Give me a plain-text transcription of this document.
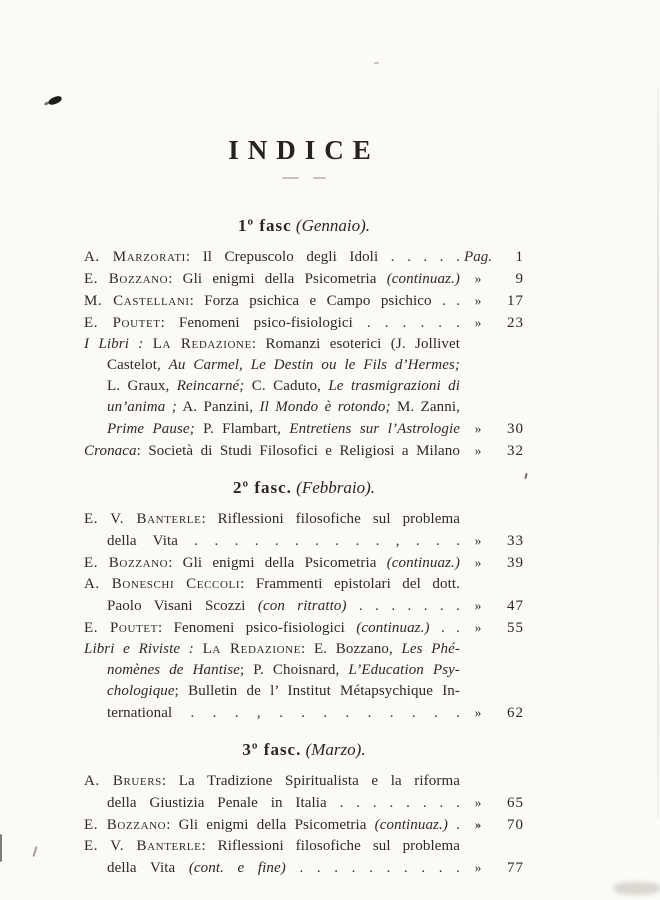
INDICE
1º fasc (Gennaio).
A. Marzorati: Il Crepuscolo degli Idoli . . . . . Pag.	1
E. Bozzano: Gli enigmi della Psicometria (continuaz.)	»	9
M. Castellani: Forza psichica e Campo psichico . .	»	17
E. Poutet: Fenomeni psico-fisiologici . . . . . .	»	23
I Libri : La Redazione: Romanzi esoterici (J. Jollivet
Castelot, Au Carmel, Le Destin ou le Fils d’Hermes;
L. Graux, Reincarné; C. Caduto, Le trasmigrazioni di
un’anima ; A. Panzini, Il Mondo è rotondo; M. Zanni,
Prime Pause; P. Flambart, Entretiens sur l’Astrologie	»	30
Cronaca: Società di Studi Filosofici e Religiosi a Milano	»	32
2º fasc. (Febbraio).
E. V. Banterle: Riflessioni filosofiche sul problema
della Vita . . . . . . . . . . , . . .	»	33
E. Bozzano: Gli enigmi della Psicometria (continuaz.)	»	39
A. Boneschi Ceccoli: Frammenti epistolari del dott.
Paolo Visani Scozzi (con ritratto) . . . . . . .	»	47
E. Poutet: Fenomeni psico-fisiologici (continuaz.) . .	»	55
Libri e Riviste : La Redazione: E. Bozzano, Les Phé-
nomènes de Hantise; P. Choisnard, L’Education Psy-
chologique; Bulletin de l’ Institut Métapsychique In-
ternational . . . , . . . . . . . . .	»	62
3º fasc. (Marzo).
A. Bruers: La Tradizione Spiritualista e la riforma
della Giustizia Penale in Italia . . . . . . . .	»	65
E. Bozzano: Gli enigmi della Psicometria (continuaz.) .	»	70
E. V. Banterle: Riflessioni filosofiche sul problema
della Vita (cont. e fine) . . . . . . . . . .	»	77
